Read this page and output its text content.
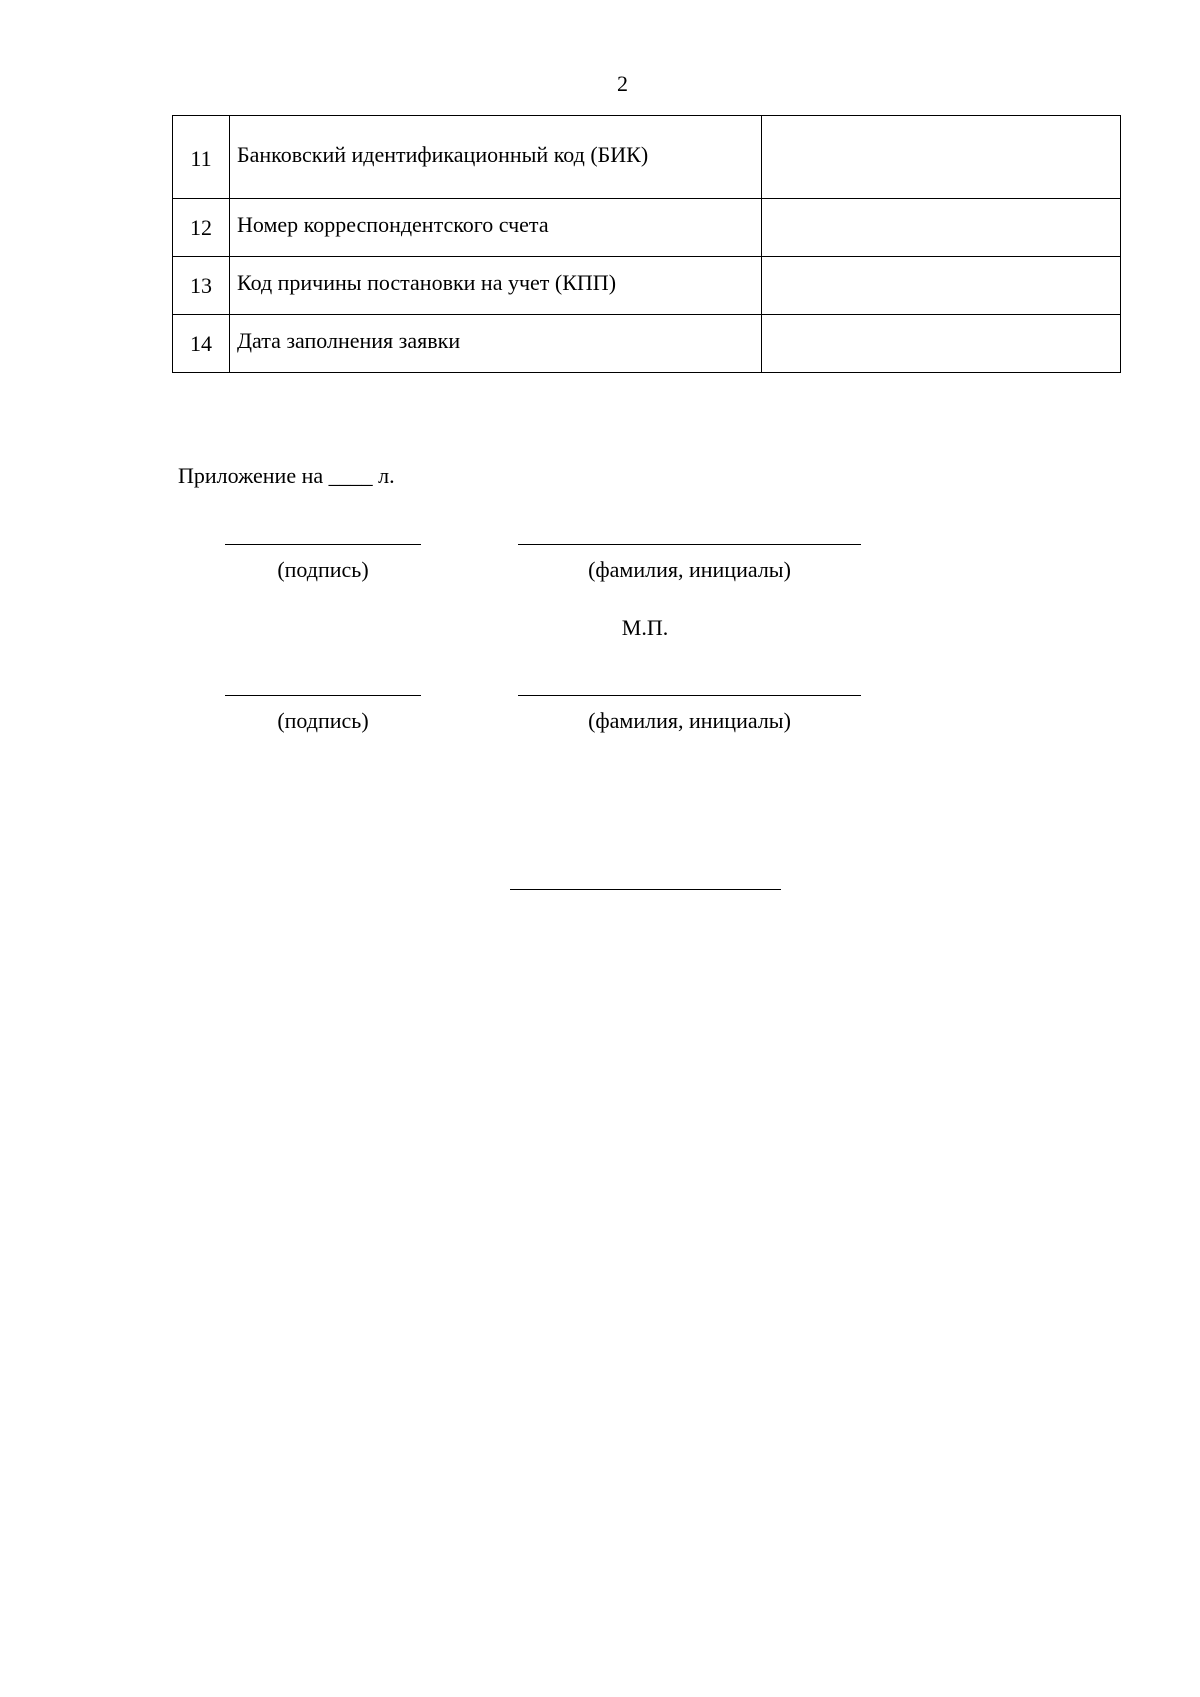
2
11	Банковский идентификационный код (БИК)	
12	Номер корреспондентского счета	
13	Код причины постановки на учет (КПП)	
14	Дата заполнения заявки	
Приложение на ____ л.
(подпись)	(фамилия, инициалы)
М.П.
(подпись)	(фамилия, инициалы)
